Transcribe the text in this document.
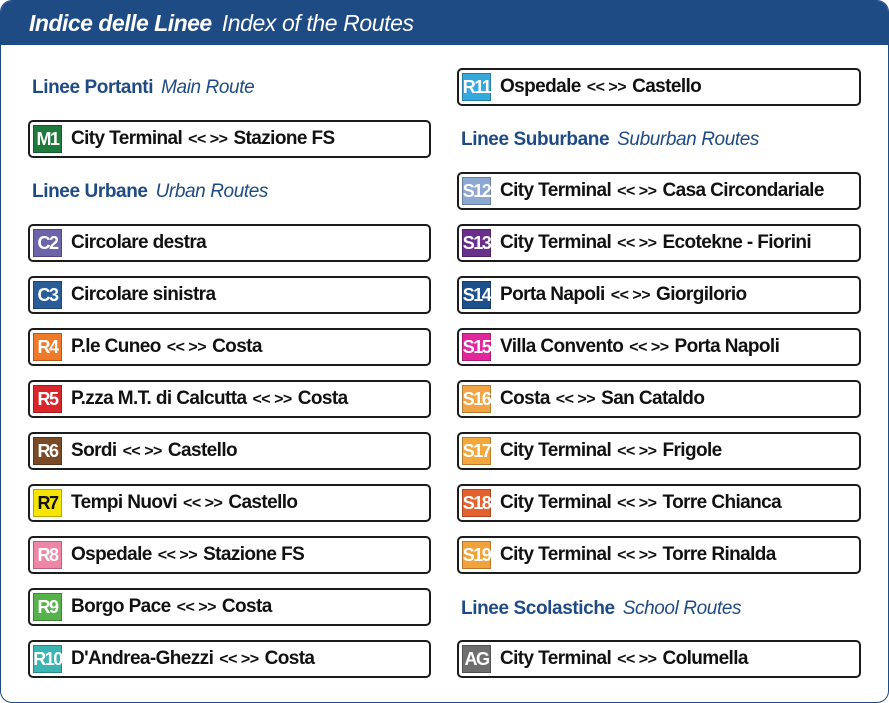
Indice delle Linee Index of the Routes
Linee Portanti Main Route
M1 City Terminal << >> Stazione FS
Linee Urbane Urban Routes
C2 Circolare destra
C3 Circolare sinistra
R4 P.le Cuneo << >> Costa
R5 P.zza M.T. di Calcutta << >> Costa
R6 Sordi << >> Castello
R7 Tempi Nuovi << >> Castello
R8 Ospedale << >> Stazione FS
R9 Borgo Pace << >> Costa
R10 D'Andrea-Ghezzi << >> Costa
R11 Ospedale << >> Castello
Linee Suburbane Suburban Routes
S12 City Terminal << >> Casa Circondariale
S13 City Terminal << >> Ecotekne - Fiorini
S14 Porta Napoli << >> Giorgilorio
S15 Villa Convento << >> Porta Napoli
S16 Costa << >> San Cataldo
S17 City Terminal << >> Frigole
S18 City Terminal << >> Torre Chianca
S19 City Terminal << >> Torre Rinalda
Linee Scolastiche School Routes
AG City Terminal << >> Columella
